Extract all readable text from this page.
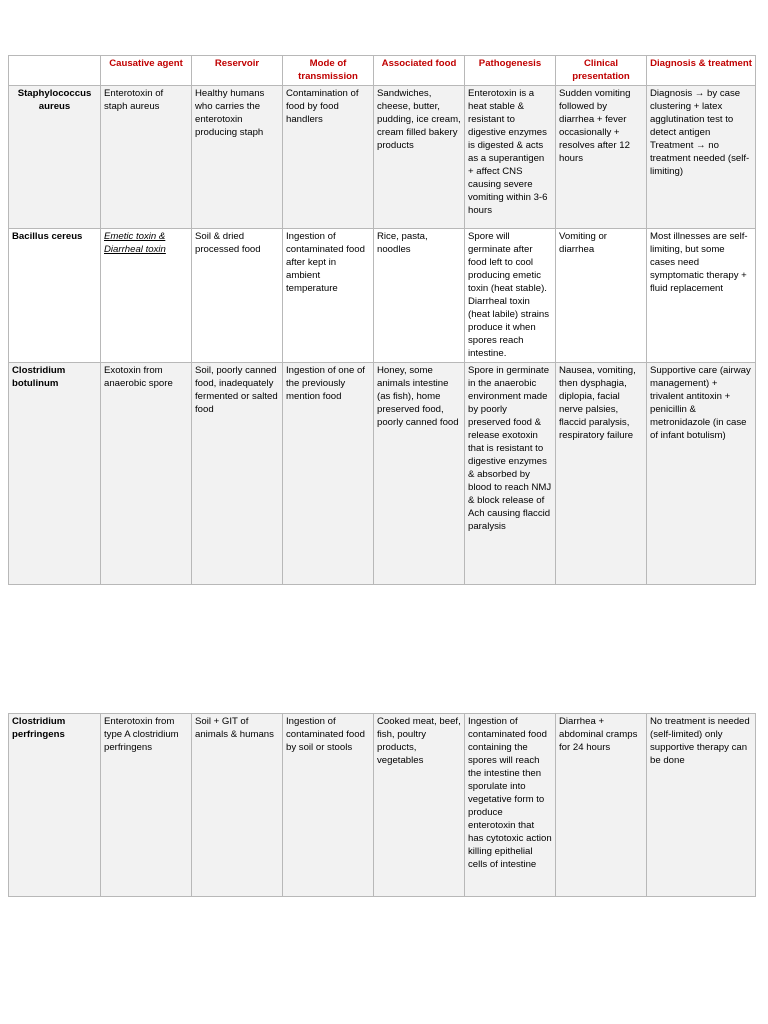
	Causative agent	Reservoir	Mode of transmission	Associated food	Pathogenesis	Clinical presentation	Diagnosis & treatment
Staphylococcus aureus	Enterotoxin of staph aureus	Healthy humans who carries the enterotoxin producing staph	Contamination of food by food handlers	Sandwiches, cheese, butter, pudding, ice cream, cream filled bakery products	Enterotoxin is a heat stable & resistant to digestive enzymes is digested & acts as a superantigen + affect CNS causing severe vomiting within 3-6 hours	Sudden vomiting followed by diarrhea + fever occasionally + resolves after 12 hours	Diagnosis → by case clustering + latex agglutination test to detect antigen Treatment → no treatment needed (self-limiting)
Bacillus cereus	Emetic toxin & Diarrheal toxin	Soil & dried processed food	Ingestion of contaminated food after kept in ambient temperature	Rice, pasta, noodles	Spore will germinate after food left to cool producing emetic toxin (heat stable). Diarrheal toxin (heat labile) strains produce it when spores reach intestine.	Vomiting or diarrhea	Most illnesses are self-limiting, but some cases need symptomatic therapy + fluid replacement
Clostridium botulinum	Exotoxin from anaerobic spore	Soil, poorly canned food, inadequately fermented or salted food	Ingestion of one of the previously mention food	Honey, some animals intestine (as fish), home preserved food, poorly canned food	Spore in germinate in the anaerobic environment made by poorly preserved food & release exotoxin that is resistant to digestive enzymes & absorbed by blood to reach NMJ & block release of Ach causing flaccid paralysis	Nausea, vomiting, then dysphagia, diplopia, facial nerve palsies, flaccid paralysis, respiratory failure	Supportive care (airway management) + trivalent antitoxin + penicillin & metronidazole (in case of infant botulism)
Clostridium perfringens	Enterotoxin from type A clostridium perfringens	Soil + GIT of animals & humans	Ingestion of contaminated food by soil or stools	Cooked meat, beef, fish, poultry products, vegetables	Ingestion of contaminated food containing the spores will reach the intestine then sporulate into vegetative form to produce enterotoxin that has cytotoxic action killing epithelial cells of intestine	Diarrhea + abdominal cramps for 24 hours	No treatment is needed (self-limited) only supportive therapy can be done
